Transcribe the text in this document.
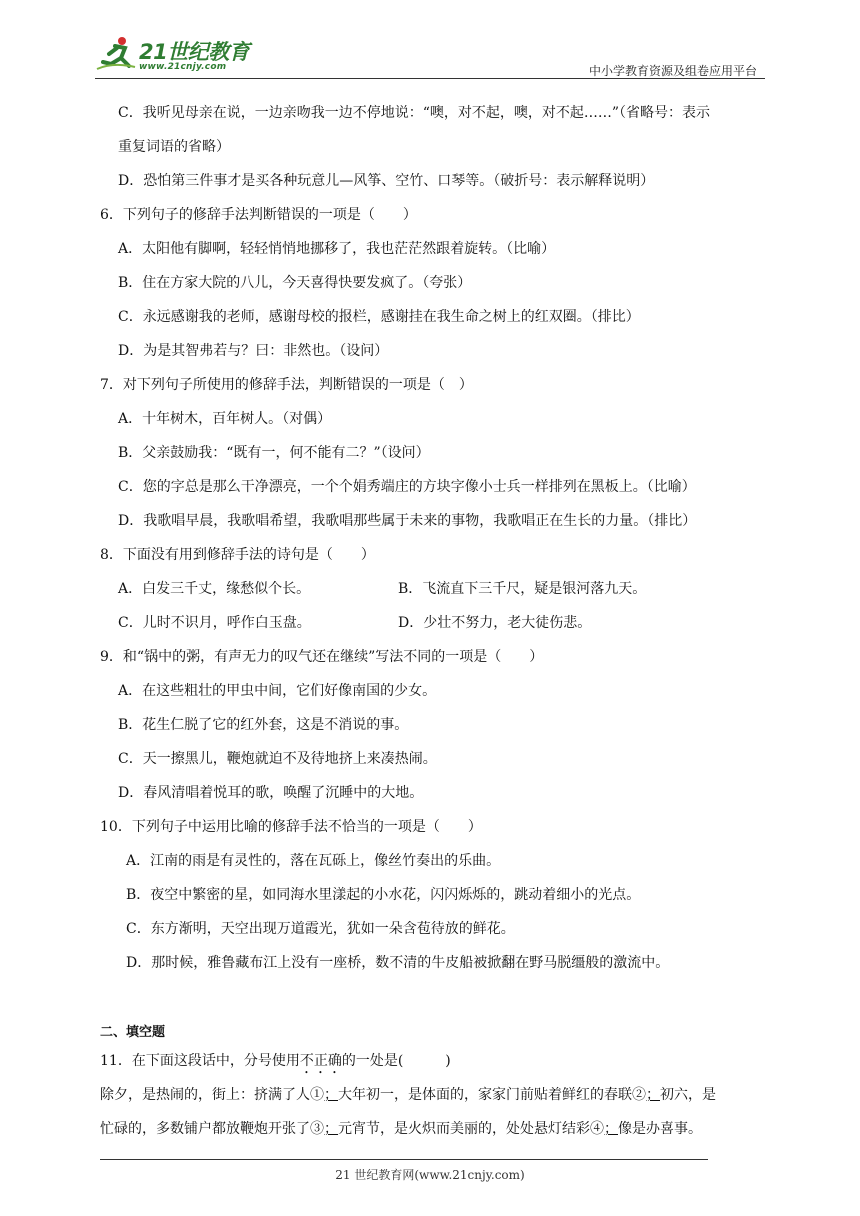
21世纪教育
www.21cnjy.com	中小学教育资源及组卷应用平台
C．我听见母亲在说，一边亲吻我一边不停地说：“噢，对不起，噢，对不起……”（省略号：表示
重复词语的省略）
D．恐怕第三件事才是买各种玩意儿—风筝、空竹、口琴等。（破折号：表示解释说明）
6．下列句子的修辞手法判断错误的一项是（　　）
A．太阳他有脚啊，轻轻悄悄地挪移了，我也茫茫然跟着旋转。（比喻）
B．住在方家大院的八儿，今天喜得快要发疯了。（夸张）
C．永远感谢我的老师，感谢母校的报栏，感谢挂在我生命之树上的红双圈。（排比）
D．为是其智弗若与？曰：非然也。（设问）
7．对下列句子所使用的修辞手法，判断错误的一项是（　）
A．十年树木，百年树人。（对偶）
B．父亲鼓励我：“既有一，何不能有二？”（设问）
C．您的字总是那么干净漂亮，一个个娟秀端庄的方块字像小士兵一样排列在黑板上。（比喻）
D．我歌唱早晨，我歌唱希望，我歌唱那些属于未来的事物，我歌唱正在生长的力量。（排比）
8．下面没有用到修辞手法的诗句是（　　）
A．白发三千丈，缘愁似个长。	B．飞流直下三千尺，疑是银河落九天。
C．儿时不识月，呼作白玉盘。	D．少壮不努力，老大徒伤悲。
9．和“锅中的粥，有声无力的叹气还在继续”写法不同的一项是（　　）
A．在这些粗壮的甲虫中间，它们好像南国的少女。
B．花生仁脱了它的红外套，这是不消说的事。
C．天一擦黑儿，鞭炮就迫不及待地挤上来凑热闹。
D．春风清唱着悦耳的歌，唤醒了沉睡中的大地。
10．下列句子中运用比喻的修辞手法不恰当的一项是（　　）
A．江南的雨是有灵性的，落在瓦砾上，像丝竹奏出的乐曲。
B．夜空中繁密的星，如同海水里漾起的小水花，闪闪烁烁的，跳动着细小的光点。
C．东方渐明，天空出现万道霞光，犹如一朵含苞待放的鲜花。
D．那时候，雅鲁藏布江上没有一座桥，数不清的牛皮船被掀翻在野马脱缰般的激流中。
二、填空题
11．在下面这段话中，分号使用不正确的一处是(　　　)
除夕，是热闹的，街上：挤满了人①；大年初一，是体面的，家家门前贴着鲜红的春联②；初六，是
忙碌的，多数铺户都放鞭炮开张了③；元宵节，是火炽而美丽的，处处悬灯结彩④；像是办喜事。
21 世纪教育网(www.21cnjy.com)
